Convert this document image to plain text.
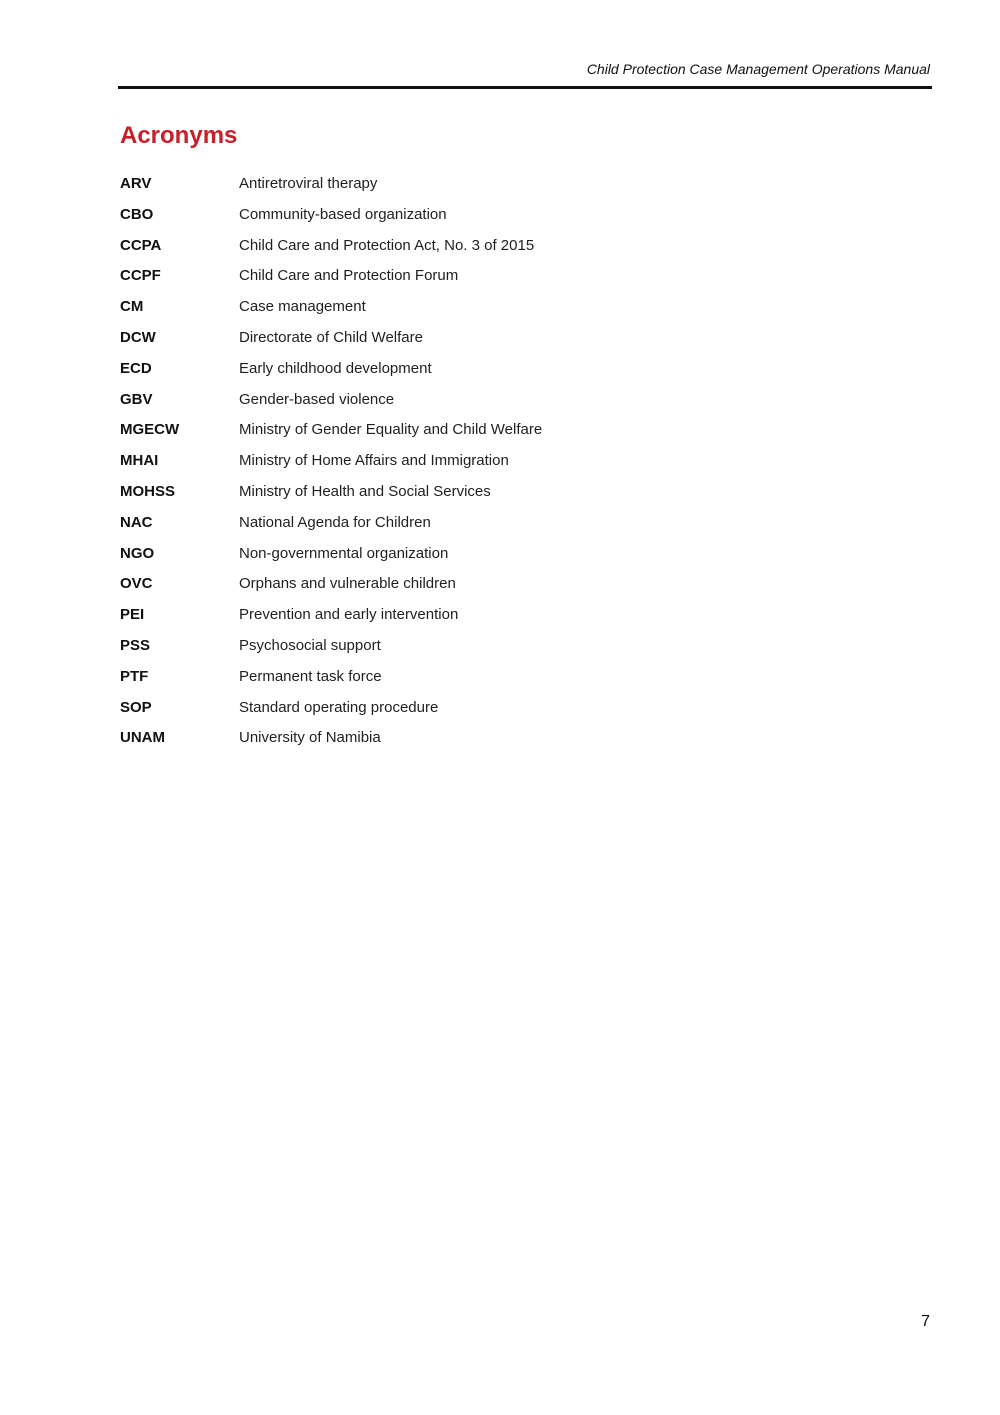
Child Protection Case Management Operations Manual
Acronyms
ARV	Antiretroviral therapy
CBO	Community-based organization
CCPA	Child Care and Protection Act, No. 3 of 2015
CCPF	Child Care and Protection Forum
CM	Case management
DCW	Directorate of Child Welfare
ECD	Early childhood development
GBV	Gender-based violence
MGECW	Ministry of Gender Equality and Child Welfare
MHAI	Ministry of Home Affairs and Immigration
MOHSS	Ministry of Health and Social Services
NAC	National Agenda for Children
NGO	Non-governmental organization
OVC	Orphans and vulnerable children
PEI	Prevention and early intervention
PSS	Psychosocial support
PTF	Permanent task force
SOP	Standard operating procedure
UNAM	University of Namibia
7
